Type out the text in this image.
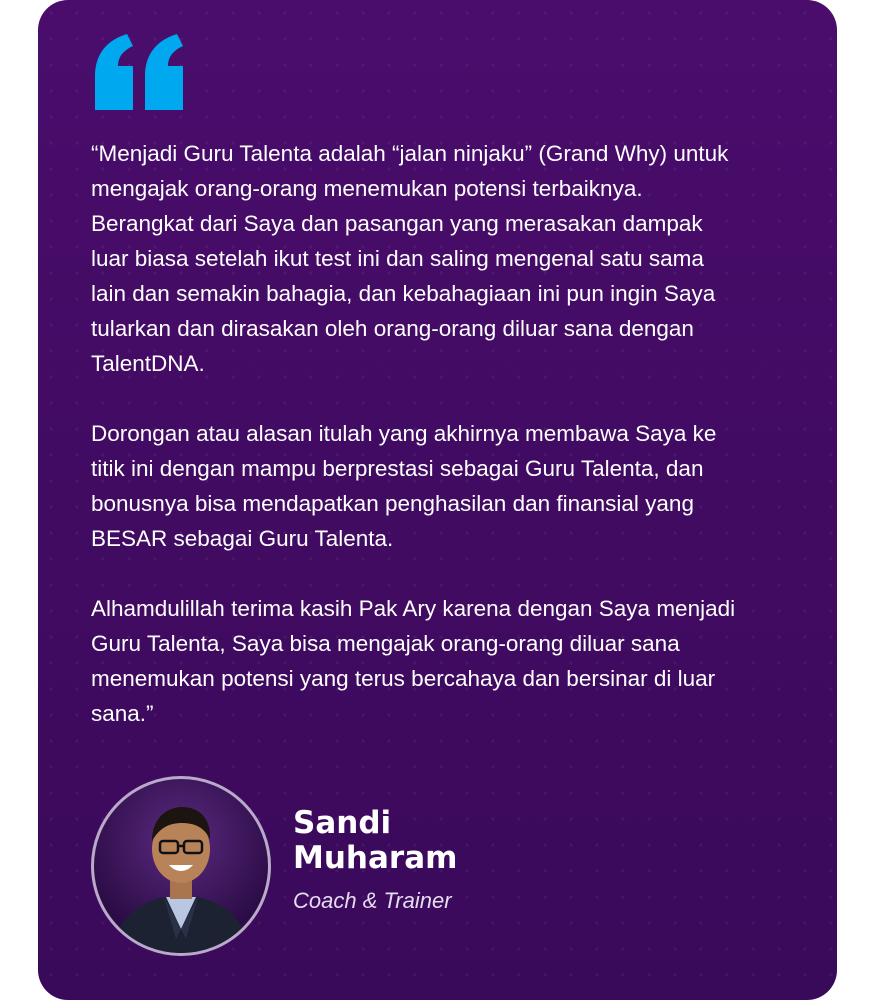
“Menjadi Guru Talenta adalah “jalan ninjaku” (Grand Why) untuk
mengajak orang-orang menemukan potensi terbaiknya.
Berangkat dari Saya dan pasangan yang merasakan dampak
luar biasa setelah ikut test ini dan saling mengenal satu sama
lain dan semakin bahagia, dan kebahagiaan ini pun ingin Saya
tularkan dan dirasakan oleh orang-orang diluar sana dengan
TalentDNA.

Dorongan atau alasan itulah yang akhirnya membawa Saya ke
titik ini dengan mampu berprestasi sebagai Guru Talenta, dan
bonusnya bisa mendapatkan penghasilan dan finansial yang
BESAR sebagai Guru Talenta.

Alhamdulillah terima kasih Pak Ary karena dengan Saya menjadi
Guru Talenta, Saya bisa mengajak orang-orang diluar sana
menemukan potensi yang terus bercahaya dan bersinar di luar
sana.”

Sandi
Muharam
Coach & Trainer
